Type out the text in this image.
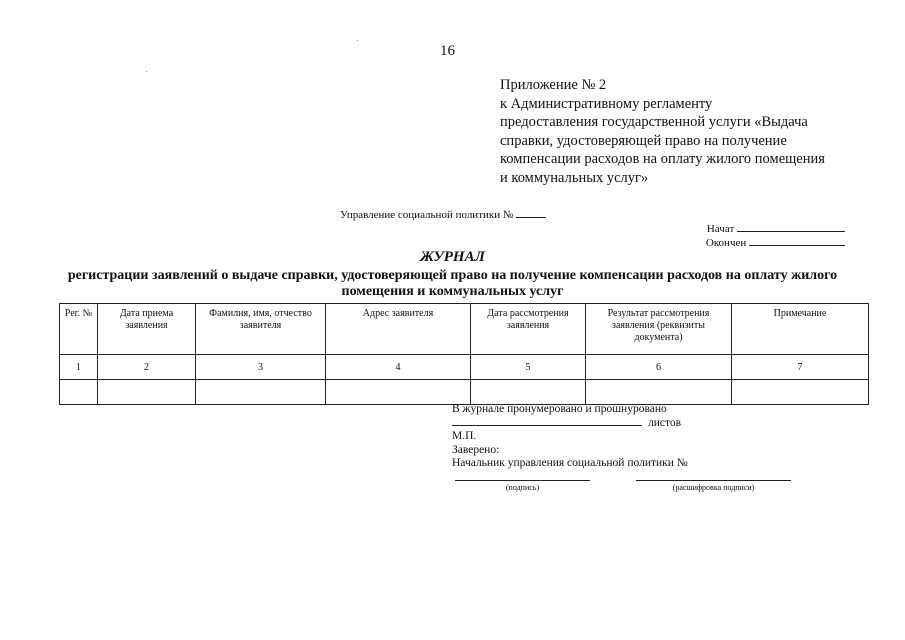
16
Приложение № 2
к Административному регламенту
предоставления государственной услуги «Выдача
справки, удостоверяющей право на получение
компенсации расходов на оплату жилого помещения
и коммунальных услуг»
Управление социальной политики №
Начат
Окончен
ЖУРНАЛ
регистрации заявлений о выдаче справки, удостоверяющей право на получение компенсации расходов на оплату жилого помещения и коммунальных услуг
Рег. №	Дата приема заявления	Фамилия, имя, отчество заявителя	Адрес заявителя	Дата рассмотрения заявления	Результат рассмотрения заявления (реквизиты документа)	Примечание
1	2	3	4	5	6	7

В журнале пронумеровано и прошнуровано
листов
М.П.
Заверено:
Начальник управления социальной политики №
(подпись)	(расшифровка подписи)
